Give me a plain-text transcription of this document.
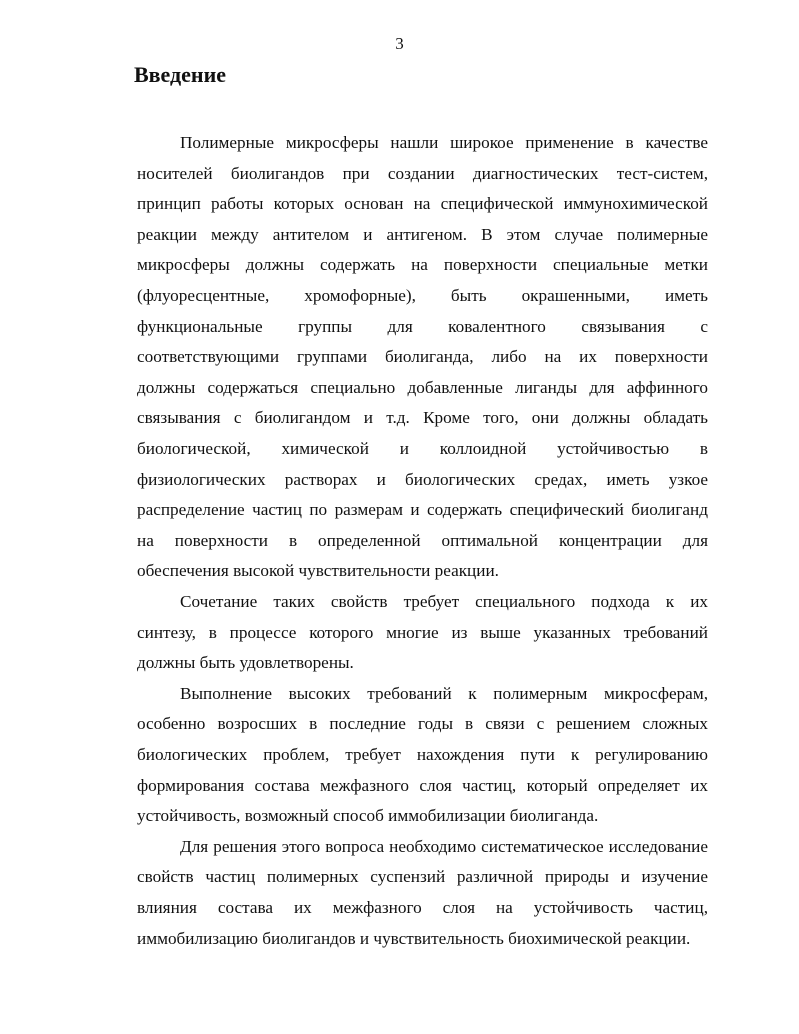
3
Введение
Полимерные микросферы нашли широкое применение в качестве
носителей биолигандов при создании диагностических тест-систем,
принцип работы которых основан на специфической иммунохимической
реакции между антителом и антигеном. В этом случае полимерные
микросферы должны содержать на поверхности специальные метки
(флуоресцентные, хромофорные), быть окрашенными, иметь
функциональные группы для ковалентного связывания с
соответствующими группами биолиганда, либо на их поверхности
должны содержаться специально добавленные лиганды для аффинного
связывания с биолигандом и т.д. Кроме того, они должны обладать
биологической, химической и коллоидной устойчивостью в
физиологических растворах и биологических средах, иметь узкое
распределение частиц по размерам и содержать специфический биолиганд
на поверхности в определенной оптимальной концентрации для
обеспечения высокой чувствительности реакции.
Сочетание таких свойств требует специального подхода к их
синтезу, в процессе которого многие из выше указанных требований
должны быть удовлетворены.
Выполнение высоких требований к полимерным микросферам,
особенно возросших в последние годы в связи с решением сложных
биологических проблем, требует нахождения пути к регулированию
формирования состава межфазного слоя частиц, который определяет их
устойчивость, возможный способ иммобилизации биолиганда.
Для решения этого вопроса необходимо систематическое исследование
свойств частиц полимерных суспензий различной природы и изучение
влияния состава их межфазного слоя на устойчивость частиц,
иммобилизацию биолигандов и чувствительность биохимической реакции.
